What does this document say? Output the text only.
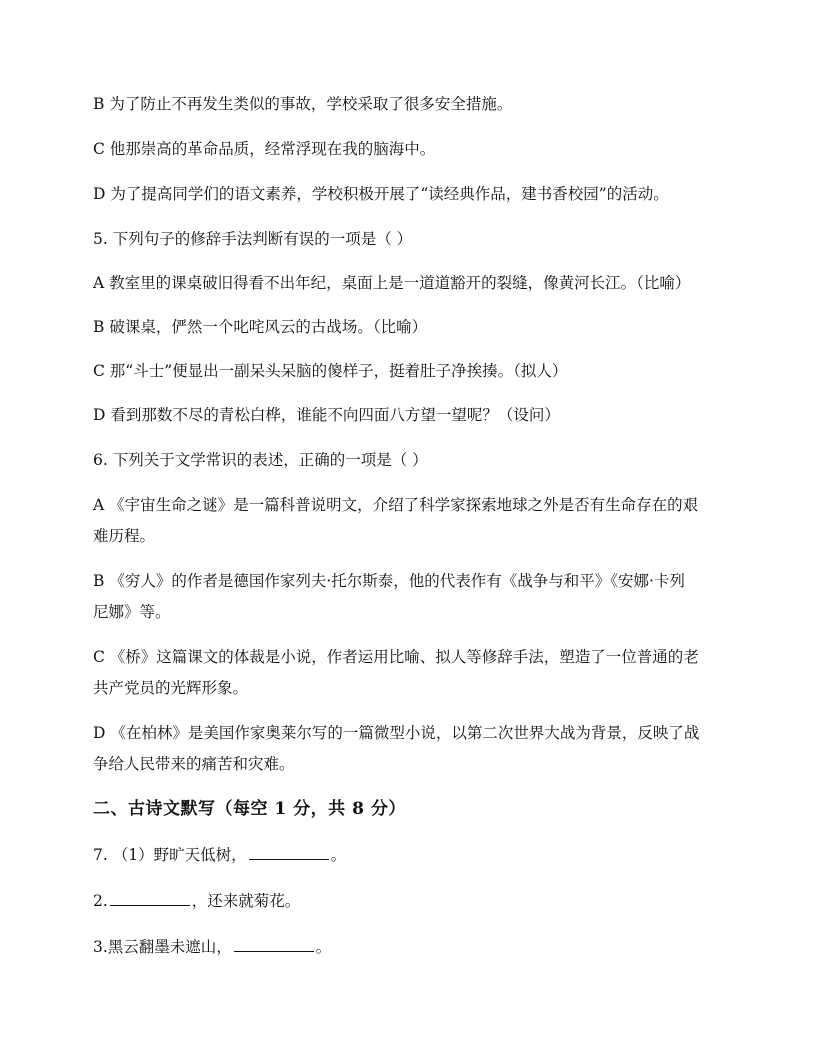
B 为了防止不再发生类似的事故，学校采取了很多安全措施。
C 他那崇高的革命品质，经常浮现在我的脑海中。
D 为了提高同学们的语文素养，学校积极开展了“读经典作品，建书香校园”的活动。
5. 下列句子的修辞手法判断有误的一项是（ ）
A 教室里的课桌破旧得看不出年纪，桌面上是一道道豁开的裂缝，像黄河长江。（比喻）
B 破课桌，俨然一个叱咤风云的古战场。（比喻）
C 那“斗士”便显出一副呆头呆脑的傻样子，挺着肚子净挨揍。（拟人）
D 看到那数不尽的青松白桦，谁能不向四面八方望一望呢？（设问）
6. 下列关于文学常识的表述，正确的一项是（ ）
A 《宇宙生命之谜》是一篇科普说明文，介绍了科学家探索地球之外是否有生命存在的艰
难历程。
B 《穷人》的作者是德国作家列夫·托尔斯泰，他的代表作有《战争与和平》《安娜·卡列
尼娜》等。
C 《桥》这篇课文的体裁是小说，作者运用比喻、拟人等修辞手法，塑造了一位普通的老
共产党员的光辉形象。
D 《在柏林》是美国作家奥莱尔写的一篇微型小说，以第二次世界大战为背景，反映了战
争给人民带来的痛苦和灾难。
二、古诗文默写（每空 1 分，共 8 分）
7. （1）野旷天低树，	。
2.	，还来就菊花。
3.黑云翻墨未遮山，	。
